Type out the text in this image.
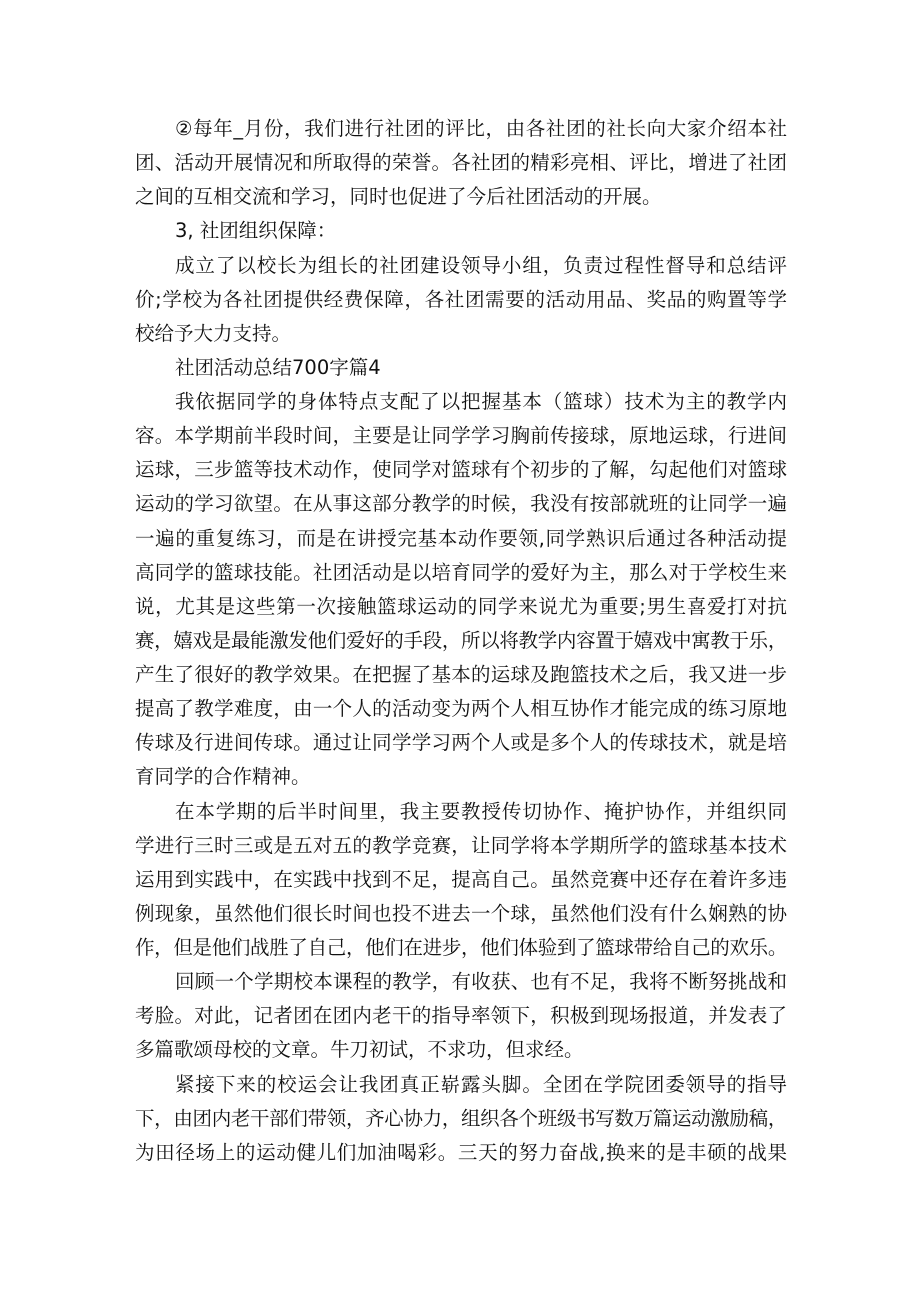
②每年_月份，我们进行社团的评比，由各社团的社长向大家介绍本社
团、活动开展情况和所取得的荣誉。各社团的精彩亮相、评比，增进了社团
之间的互相交流和学习，同时也促进了今后社团活动的开展。
3, 社团组织保障：
成立了以校长为组长的社团建设领导小组，负责过程性督导和总结评
价;学校为各社团提供经费保障，各社团需要的活动用品、奖品的购置等学
校给予大力支持。
社团活动总结700字篇4
我依据同学的身体特点支配了以把握基本（篮球）技术为主的教学内
容。本学期前半段时间，主要是让同学学习胸前传接球，原地运球，行进间
运球，三步篮等技术动作，使同学对篮球有个初步的了解，勾起他们对篮球
运动的学习欲望。在从事这部分教学的时候，我没有按部就班的让同学一遍
一遍的重复练习，而是在讲授完基本动作要领,同学熟识后通过各种活动提
高同学的篮球技能。社团活动是以培育同学的爱好为主，那么对于学校生来
说，尤其是这些第一次接触篮球运动的同学来说尤为重要;男生喜爱打对抗
赛，嬉戏是最能激发他们爱好的手段，所以将教学内容置于嬉戏中寓教于乐，
产生了很好的教学效果。在把握了基本的运球及跑篮技术之后，我又进一步
提高了教学难度，由一个人的活动变为两个人相互协作才能完成的练习原地
传球及行进间传球。通过让同学学习两个人或是多个人的传球技术，就是培
育同学的合作精神。
在本学期的后半时间里，我主要教授传切协作、掩护协作，并组织同
学进行三时三或是五对五的教学竞赛，让同学将本学期所学的篮球基本技术
运用到实践中，在实践中找到不足，提高自己。虽然竞赛中还存在着许多违
例现象，虽然他们很长时间也投不进去一个球，虽然他们没有什么娴熟的协
作，但是他们战胜了自己，他们在进步，他们体验到了篮球带给自己的欢乐。
回顾一个学期校本课程的教学，有收获、也有不足，我将不断努挑战和
考脸。对此，记者团在团内老干的指导率领下，积极到现场报道，并发表了
多篇歌颂母校的文章。牛刀初试，不求功，但求经。
紧接下来的校运会让我团真正崭露头脚。全团在学院团委领导的指导
下，由团内老干部们带领，齐心协力，组织各个班级书写数万篇运动激励稿，
为田径场上的运动健儿们加油喝彩。三天的努力奋战,换来的是丰硕的战果
